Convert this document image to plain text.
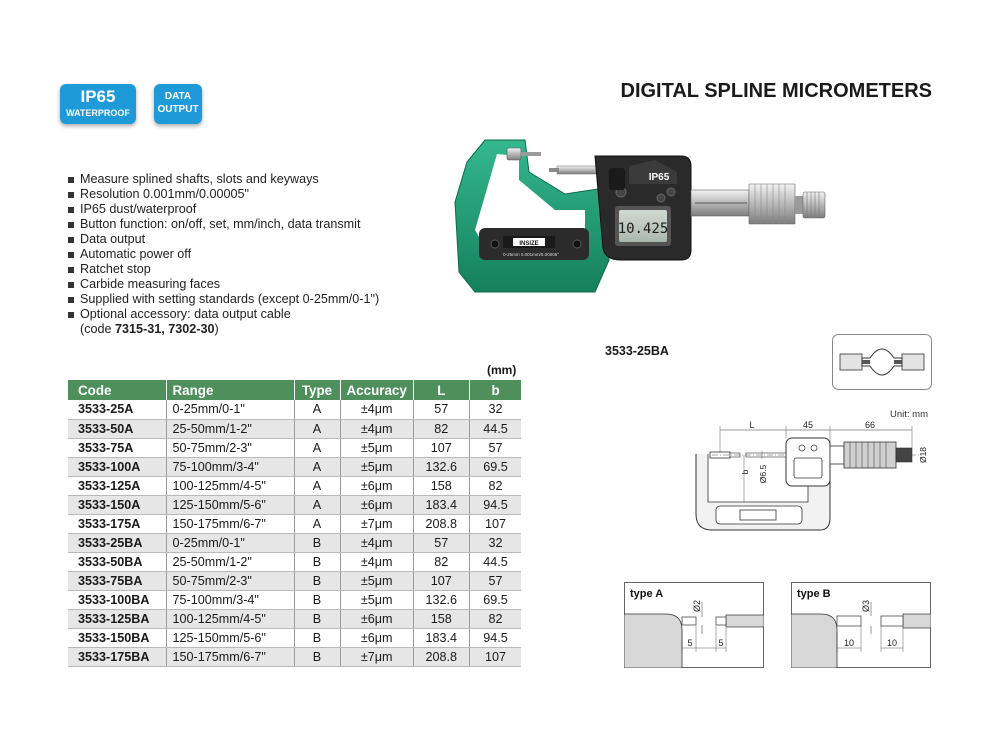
IP65
WATERPROOF
DATA
OUTPUT
DIGITAL SPLINE MICROMETERS
Measure splined shafts, slots and keyways
Resolution 0.001mm/0.00005"
IP65 dust/waterproof
Button function: on/off, set, mm/inch, data transmit
Data output
Automatic power off
Ratchet stop
Carbide measuring faces
Supplied with setting standards (except 0-25mm/0-1")
Optional accessory: data output cable
(code 7315-31, 7302-30)
INSIZE
0-25mm 0.001mm/0.00005"
IP65
10.425
3533-25BA
(mm)
Code	Range	Type	Accuracy	L	b
3533-25A	0-25mm/0-1"	A	±4μm	57	32
3533-50A	25-50mm/1-2"	A	±4μm	82	44.5
3533-75A	50-75mm/2-3"	A	±5μm	107	57
3533-100A	75-100mm/3-4"	A	±5μm	132.6	69.5
3533-125A	100-125mm/4-5"	A	±6μm	158	82
3533-150A	125-150mm/5-6"	A	±6μm	183.4	94.5
3533-175A	150-175mm/6-7"	A	±7μm	208.8	107
3533-25BA	0-25mm/0-1"	B	±4μm	57	32
3533-50BA	25-50mm/1-2"	B	±4μm	82	44.5
3533-75BA	50-75mm/2-3"	B	±5μm	107	57
3533-100BA	75-100mm/3-4"	B	±5μm	132.6	69.5
3533-125BA	100-125mm/4-5"	B	±6μm	158	82
3533-150BA	125-150mm/5-6"	B	±6μm	183.4	94.5
3533-175BA	150-175mm/6-7"	B	±7μm	208.8	107
Unit: mm
L	45	66
b Ø6.5
Ø18
type A
Ø2
5	5
type B
Ø3
10	10
